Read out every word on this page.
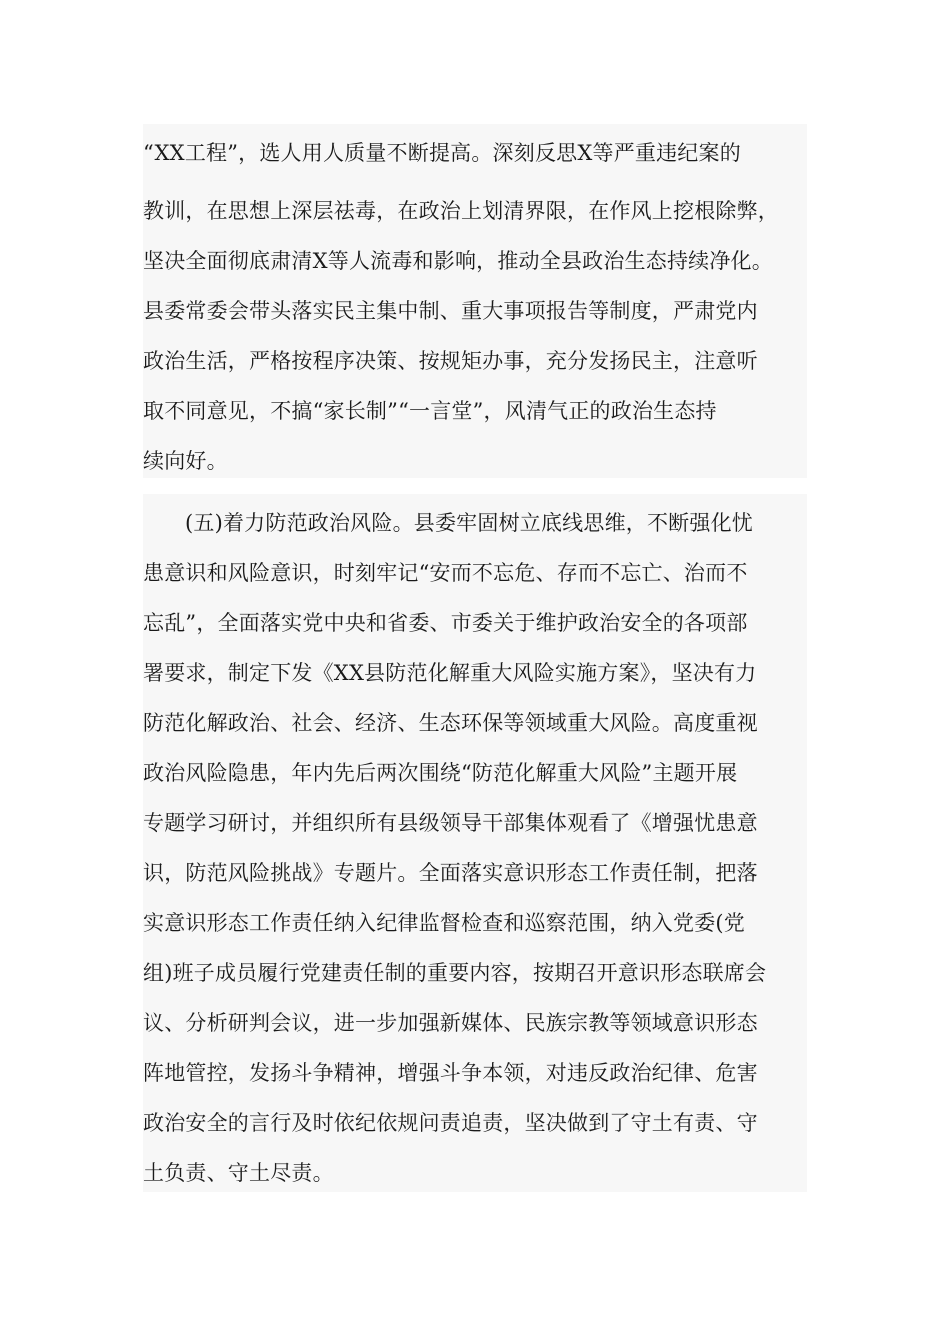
“XX工程”，选人用人质量不断提高。深刻反思X等严重违纪案的
教训，在思想上深层祛毒，在政治上划清界限，在作风上挖根除弊，
坚决全面彻底肃清X等人流毒和影响，推动全县政治生态持续净化。
县委常委会带头落实民主集中制、重大事项报告等制度，严肃党内
政治生活，严格按程序决策、按规矩办事，充分发扬民主，注意听
取不同意见，不搞“家长制”“一言堂”，风清气正的政治生态持
续向好。
(五)着力防范政治风险。县委牢固树立底线思维，不断强化忧
患意识和风险意识，时刻牢记“安而不忘危、存而不忘亡、治而不
忘乱”，全面落实党中央和省委、市委关于维护政治安全的各项部
署要求，制定下发《XX县防范化解重大风险实施方案》，坚决有力
防范化解政治、社会、经济、生态环保等领域重大风险。高度重视
政治风险隐患，年内先后两次围绕“防范化解重大风险”主题开展
专题学习研讨，并组织所有县级领导干部集体观看了《增强忧患意
识，防范风险挑战》专题片。全面落实意识形态工作责任制，把落
实意识形态工作责任纳入纪律监督检查和巡察范围，纳入党委(党
组)班子成员履行党建责任制的重要内容，按期召开意识形态联席会
议、分析研判会议，进一步加强新媒体、民族宗教等领域意识形态
阵地管控，发扬斗争精神，增强斗争本领，对违反政治纪律、危害
政治安全的言行及时依纪依规问责追责，坚决做到了守土有责、守
土负责、守土尽责。
